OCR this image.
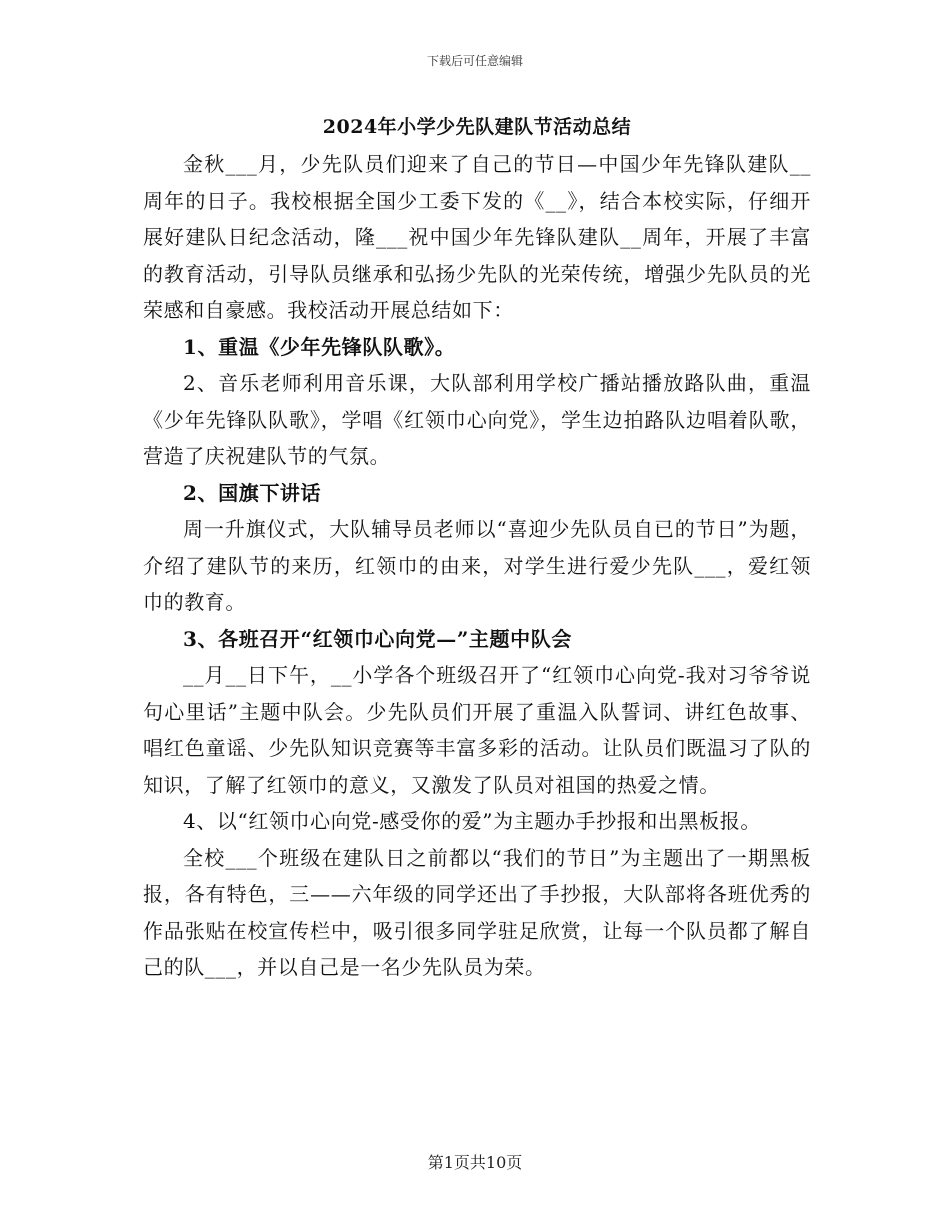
下载后可任意编辑
2024年小学少先队建队节活动总结

金秋___月，少先队员们迎来了自己的节日—中国少年先锋队建队__周年的日子。我校根据全国少工委下发的《__》，结合本校实际，仔细开展好建队日纪念活动，隆___祝中国少年先锋队建队__周年，开展了丰富的教育活动，引导队员继承和弘扬少先队的光荣传统，增强少先队员的光荣感和自豪感。我校活动开展总结如下：

1、重温《少年先锋队队歌》。

2、音乐老师利用音乐课，大队部利用学校广播站播放路队曲，重温《少年先锋队队歌》，学唱《红领巾心向党》，学生边拍路队边唱着队歌，营造了庆祝建队节的气氛。

2、国旗下讲话

周一升旗仪式，大队辅导员老师以“喜迎少先队员自已的节日”为题，介绍了建队节的来历，红领巾的由来，对学生进行爱少先队___，爱红领巾的教育。

3、各班召开“红领巾心向党—”主题中队会

__月__日下午，__小学各个班级召开了“红领巾心向党-我对习爷爷说句心里话”主题中队会。少先队员们开展了重温入队誓词、讲红色故事、唱红色童谣、少先队知识竞赛等丰富多彩的活动。让队员们既温习了队的知识，了解了红领巾的意义，又激发了队员对祖国的热爱之情。

4、以“红领巾心向党-感受你的爱”为主题办手抄报和出黑板报。

全校___个班级在建队日之前都以“我们的节日”为主题出了一期黑板报，各有特色，三——六年级的同学还出了手抄报，大队部将各班优秀的作品张贴在校宣传栏中，吸引很多同学驻足欣赏，让每一个队员都了解自己的队___，并以自己是一名少先队员为荣。

第1页共10页
